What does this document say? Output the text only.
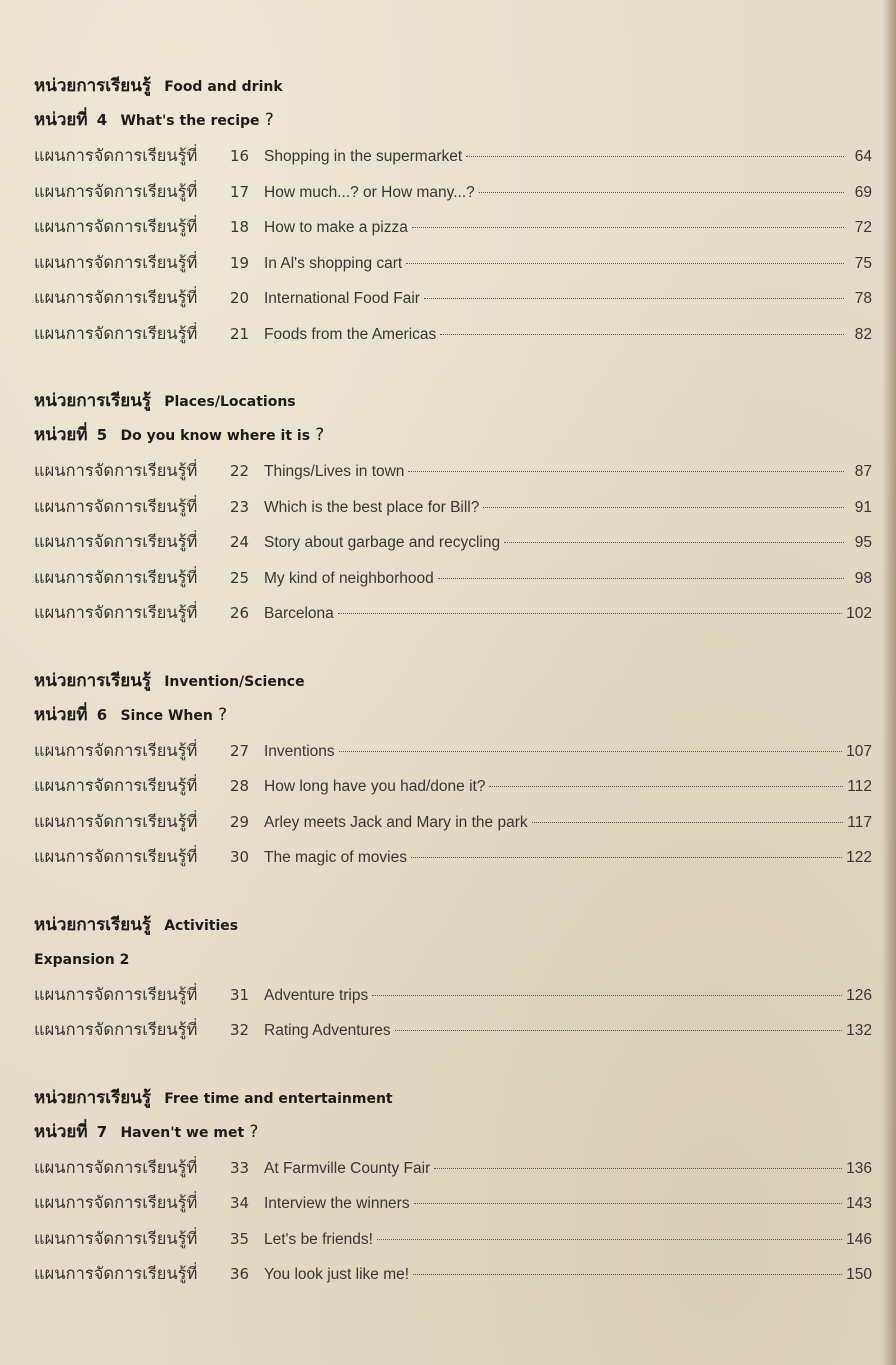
หน่วยการเรียนรู้ Food and drink
หน่วยที่ 4 What's the recipe ?
แผนการจัดการเรียนรู้ที่	16 Shopping in the supermarket	64
แผนการจัดการเรียนรู้ที่	17 How much...? or How many...?	69
แผนการจัดการเรียนรู้ที่	18 How to make a pizza	72
แผนการจัดการเรียนรู้ที่	19 In Al's shopping cart	75
แผนการจัดการเรียนรู้ที่	20 International Food Fair	78
แผนการจัดการเรียนรู้ที่	21 Foods from the Americas	82
หน่วยการเรียนรู้ Places/Locations
หน่วยที่ 5 Do you know where it is ?
แผนการจัดการเรียนรู้ที่	22 Things/Lives in town	87
แผนการจัดการเรียนรู้ที่	23 Which is the best place for Bill?	91
แผนการจัดการเรียนรู้ที่	24 Story about garbage and recycling	95
แผนการจัดการเรียนรู้ที่	25 My kind of neighborhood	98
แผนการจัดการเรียนรู้ที่	26 Barcelona	102
หน่วยการเรียนรู้ Invention/Science
หน่วยที่ 6 Since When ?
แผนการจัดการเรียนรู้ที่	27 Inventions	107
แผนการจัดการเรียนรู้ที่	28 How long have you had/done it?	112
แผนการจัดการเรียนรู้ที่	29 Arley meets Jack and Mary in the park	117
แผนการจัดการเรียนรู้ที่	30 The magic of movies	122
หน่วยการเรียนรู้ Activities
Expansion 2
แผนการจัดการเรียนรู้ที่	31 Adventure trips	126
แผนการจัดการเรียนรู้ที่	32 Rating Adventures	132
หน่วยการเรียนรู้ Free time and entertainment
หน่วยที่ 7 Haven't we met ?
แผนการจัดการเรียนรู้ที่	33 At Farmville County Fair	136
แผนการจัดการเรียนรู้ที่	34 Interview the winners	143
แผนการจัดการเรียนรู้ที่	35 Let's be friends!	146
แผนการจัดการเรียนรู้ที่	36 You look just like me!	150
